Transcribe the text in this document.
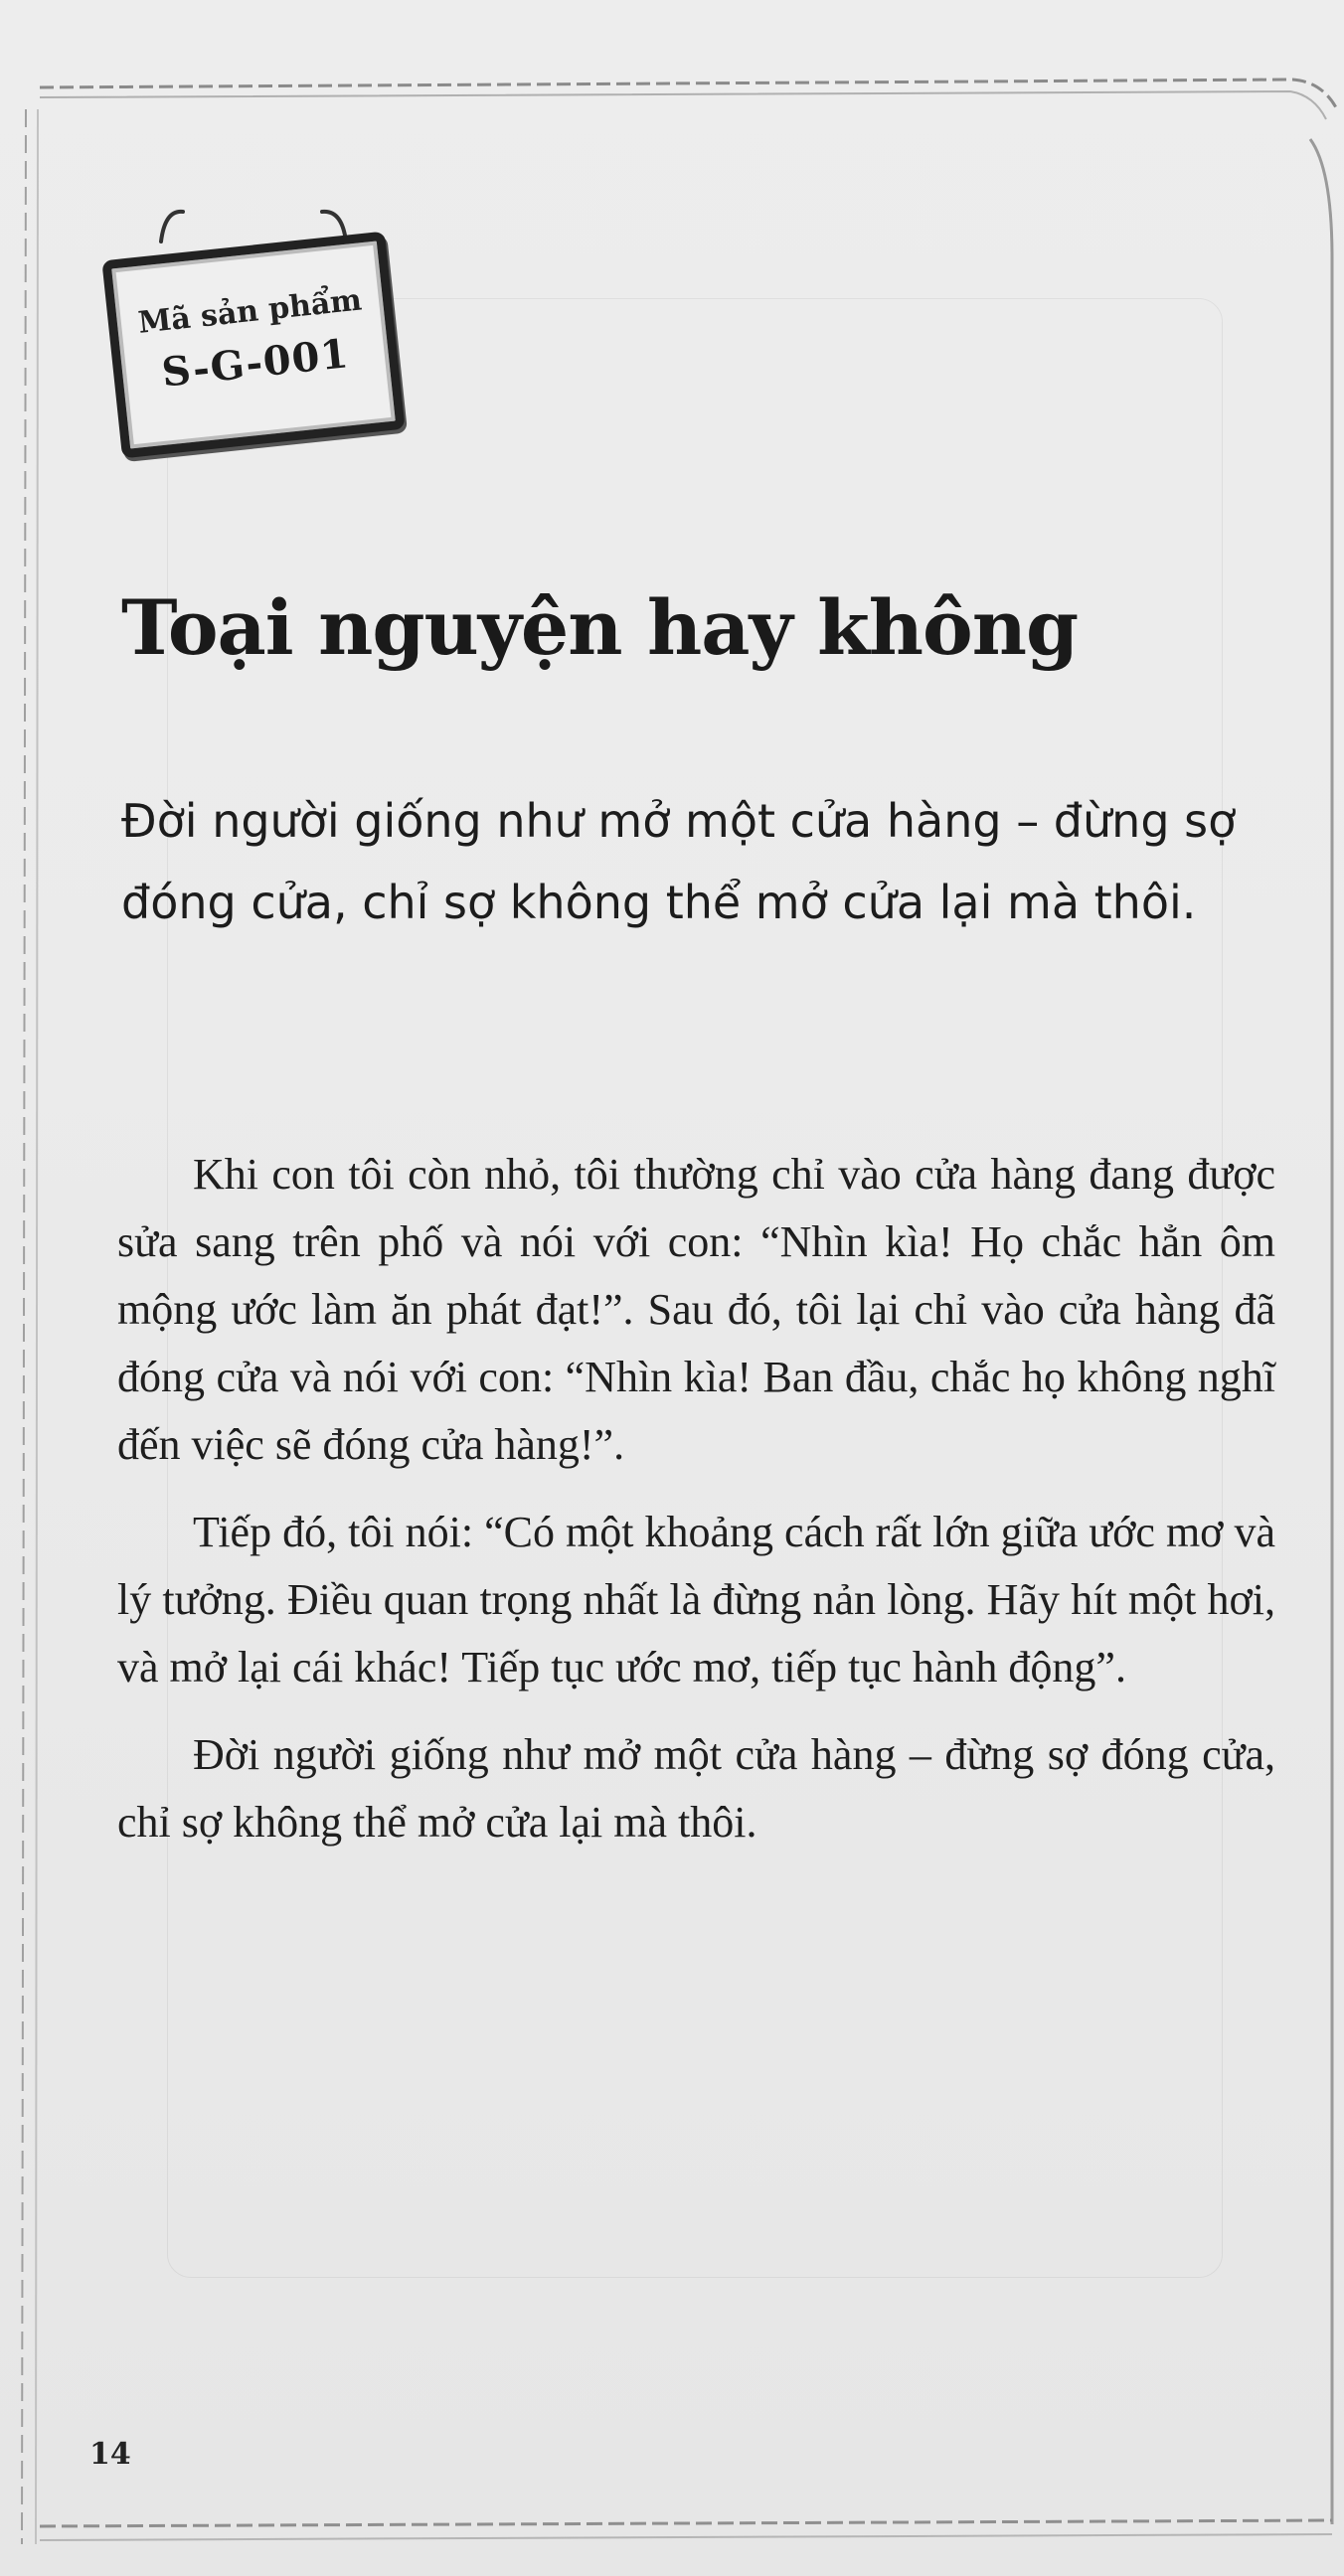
Mã sản phẩm
S-G-001
Toại nguyện hay không

Đời người giống như mở một cửa hàng – đừng sợ đóng cửa, chỉ sợ không thể mở cửa lại mà thôi.

Khi con tôi còn nhỏ, tôi thường chỉ vào cửa hàng đang được sửa sang trên phố và nói với con: “Nhìn kìa! Họ chắc hẳn ôm mộng ước làm ăn phát đạt!”. Sau đó, tôi lại chỉ vào cửa hàng đã đóng cửa và nói với con: “Nhìn kìa! Ban đầu, chắc họ không nghĩ đến việc sẽ đóng cửa hàng!”.

Tiếp đó, tôi nói: “Có một khoảng cách rất lớn giữa ước mơ và lý tưởng. Điều quan trọng nhất là đừng nản lòng. Hãy hít một hơi, và mở lại cái khác! Tiếp tục ước mơ, tiếp tục hành động”.

Đời người giống như mở một cửa hàng – đừng sợ đóng cửa, chỉ sợ không thể mở cửa lại mà thôi.

14
